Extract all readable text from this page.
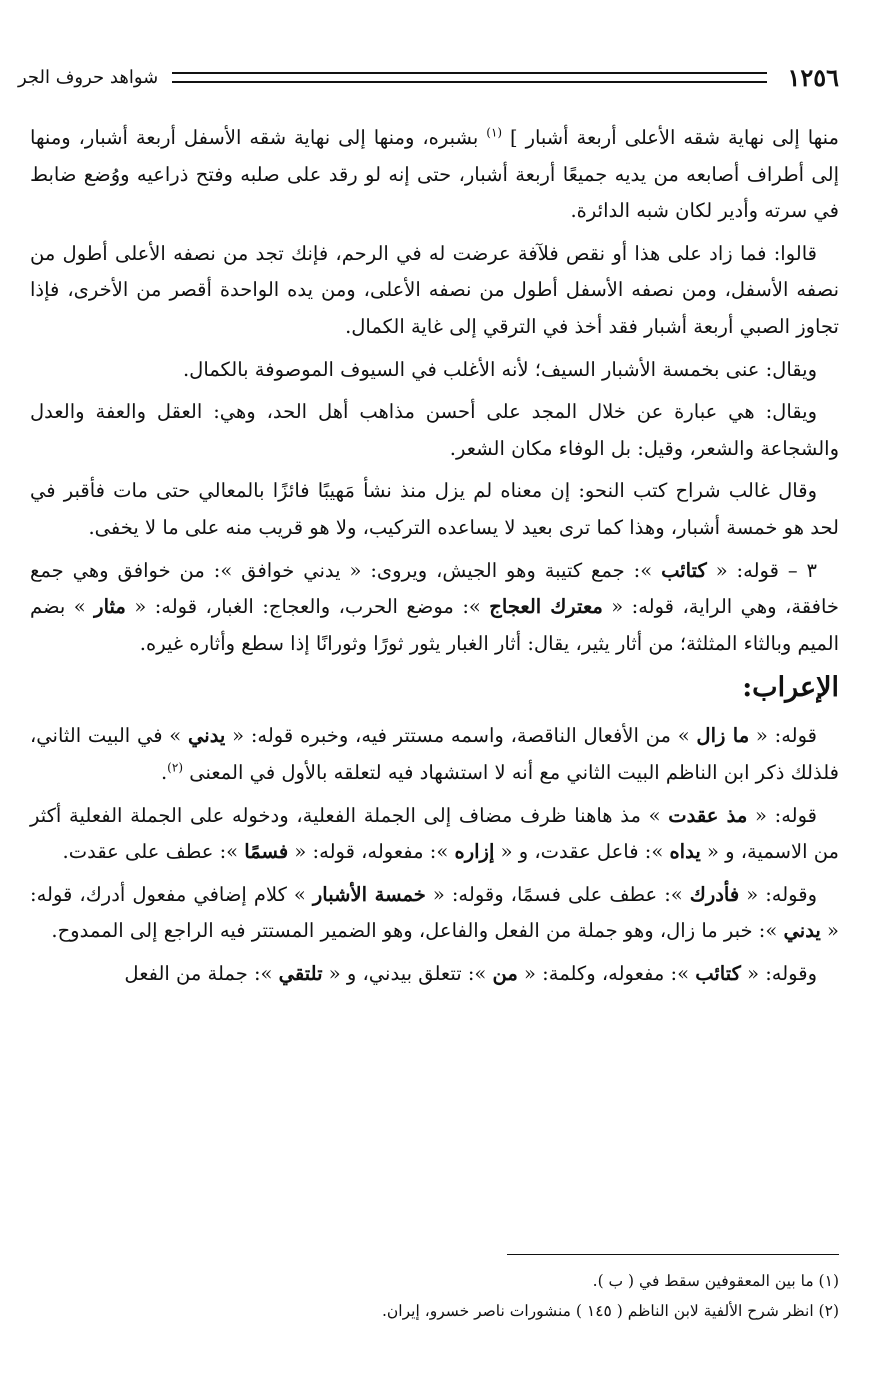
١٢٥٦
شواهد حروف الجر

منها إلى نهاية شقه الأعلى أربعة أشبار ] $^{(١)}$ بشبره، ومنها إلى نهاية شقه الأسفل أربعة أشبار، ومنها إلى أطراف أصابعه من يديه جميعًا أربعة أشبار، حتى إنه لو رقد على صلبه وفتح ذراعيه ووُضع ضابط في سرته وأدير لكان شبه الدائرة.

قالوا: فما زاد على هذا أو نقص فلآفة عرضت له في الرحم، فإنك تجد من نصفه الأعلى أطول من نصفه الأسفل، ومن نصفه الأسفل أطول من نصفه الأعلى، ومن يده الواحدة أقصر من الأخرى، فإذا تجاوز الصبي أربعة أشبار فقد أخذ في الترقي إلى غاية الكمال.

ويقال: عنى بخمسة الأشبار السيف؛ لأنه الأغلب في السيوف الموصوفة بالكمال.

ويقال: هي عبارة عن خلال المجد على أحسن مذاهب أهل الحد، وهي: العقل والعفة والعدل والشجاعة والشعر، وقيل: بل الوفاء مكان الشعر.

وقال غالب شراح كتب النحو: إن معناه لم يزل منذ نشأ مَهيبًا فائزًا بالمعالي حتى مات فأقبر في لحد هو خمسة أشبار، وهذا كما ترى بعيد لا يساعده التركيب، ولا هو قريب منه على ما لا يخفى.

٣ – قوله: « كتائب »: جمع كتيبة وهو الجيش، ويروى: « يدني خوافق »: من خوافق وهي جمع خافقة، وهي الراية، قوله: « معترك العجاج »: موضع الحرب، والعجاج: الغبار، قوله: « مثار » بضم الميم وبالثاء المثلثة؛ من أثار يثير، يقال: أثار الغبار يثور ثورًا وثورانًا إذا سطع وأثاره غيره.

الإعراب:

قوله: « ما زال » من الأفعال الناقصة، واسمه مستتر فيه، وخبره قوله: « يدني » في البيت الثاني، فلذلك ذكر ابن الناظم البيت الثاني مع أنه لا استشهاد فيه لتعلقه بالأول في المعنى $^{(٢)}$.

قوله: « مذ عقدت » مذ هاهنا ظرف مضاف إلى الجملة الفعلية، ودخوله على الجملة الفعلية أكثر من الاسمية، و « يداه »: فاعل عقدت، و « إزاره »: مفعوله، قوله: « فسمًا »: عطف على عقدت.

وقوله: « فأدرك »: عطف على فسمًا، وقوله: « خمسة الأشبار » كلام إضافي مفعول أدرك، قوله: « يدني »: خبر ما زال، وهو جملة من الفعل والفاعل، وهو الضمير المستتر فيه الراجع إلى الممدوح.

وقوله: « كتائب »: مفعوله، وكلمة: « من »: تتعلق بيدني، و « تلتقي »: جملة من الفعل

(١) ما بين المعقوفين سقط في ( ب ).

(٢) انظر شرح الألفية لابن الناظم ( ١٤٥ ) منشورات ناصر خسرو، إيران.
